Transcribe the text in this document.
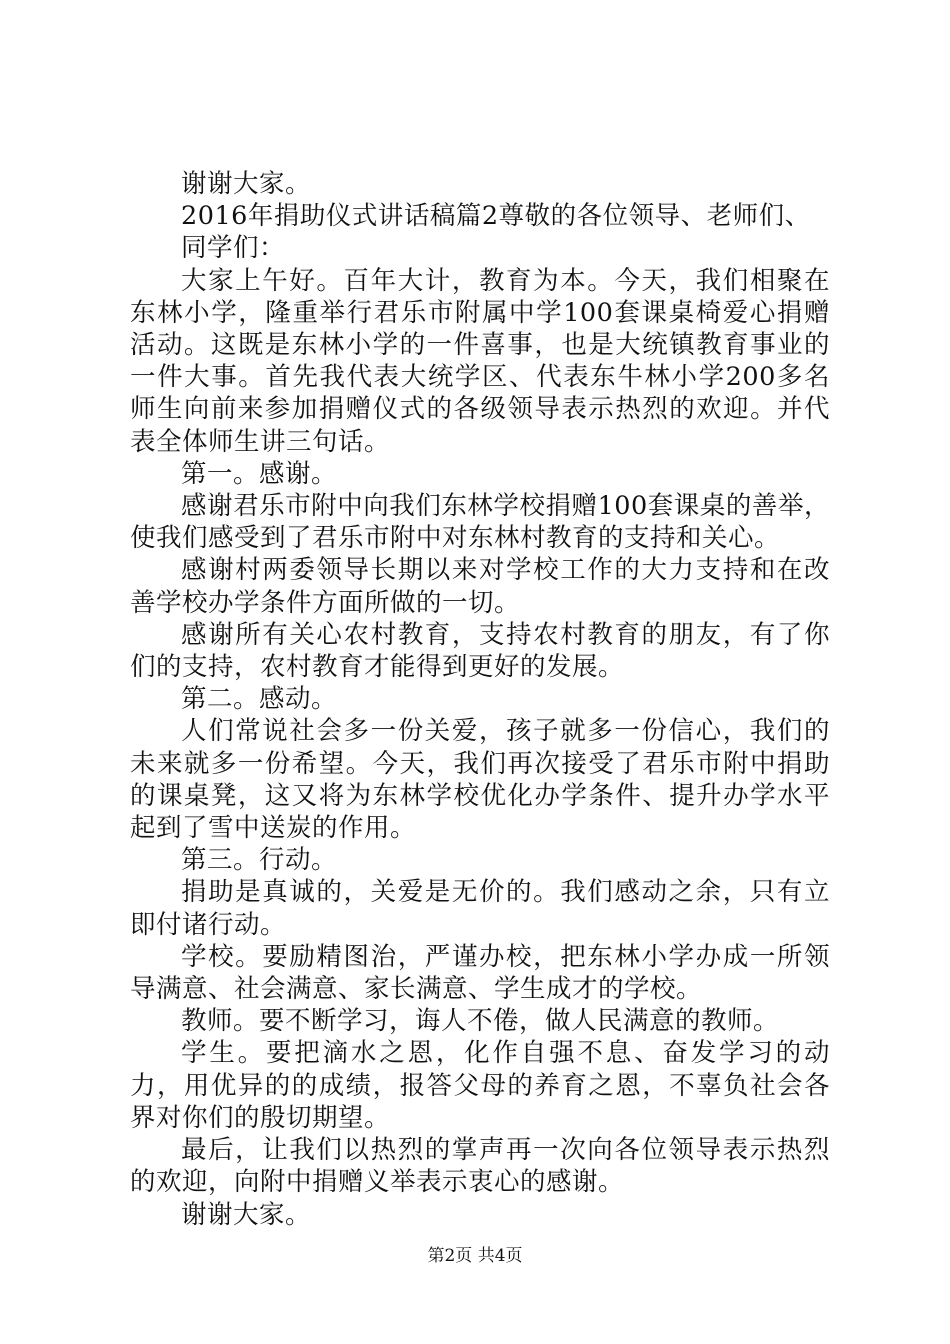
谢谢大家。

2016年捐助仪式讲话稿篇2尊敬的各位领导、老师们、

同学们：

大家上午好。百年大计，教育为本。今天，我们相聚在东林小学，隆重举行君乐市附属中学100套课桌椅爱心捐赠活动。这既是东林小学的一件喜事，也是大统镇教育事业的一件大事。首先我代表大统学区、代表东牛林小学200多名师生向前来参加捐赠仪式的各级领导表示热烈的欢迎。并代表全体师生讲三句话。

第一。感谢。

感谢君乐市附中向我们东林学校捐赠100套课桌的善举，使我们感受到了君乐市附中对东林村教育的支持和关心。

感谢村两委领导长期以来对学校工作的大力支持和在改善学校办学条件方面所做的一切。

感谢所有关心农村教育，支持农村教育的朋友，有了你们的支持，农村教育才能得到更好的发展。

第二。感动。

人们常说社会多一份关爱，孩子就多一份信心，我们的未来就多一份希望。今天，我们再次接受了君乐市附中捐助的课桌凳，这又将为东林学校优化办学条件、提升办学水平起到了雪中送炭的作用。

第三。行动。

捐助是真诚的，关爱是无价的。我们感动之余，只有立即付诸行动。

学校。要励精图治，严谨办校，把东林小学办成一所领导满意、社会满意、家长满意、学生成才的学校。

教师。要不断学习，诲人不倦，做人民满意的教师。

学生。要把滴水之恩，化作自强不息、奋发学习的动力，用优异的的成绩，报答父母的养育之恩，不辜负社会各界对你们的殷切期望。

最后，让我们以热烈的掌声再一次向各位领导表示热烈的欢迎，向附中捐赠义举表示衷心的感谢。

谢谢大家。

第2页 共4页
